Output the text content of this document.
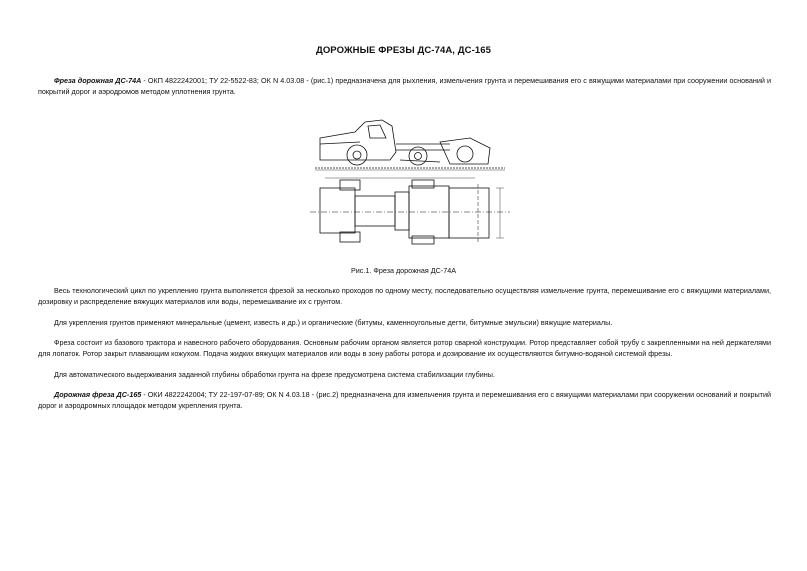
ДОРОЖНЫЕ ФРЕЗЫ ДС-74А, ДС-165
Фреза дорожная ДС-74А - ОКП 4822242001; ТУ 22-5522-83; ОК N 4.03.08 - (рис.1) предназначена для рыхления, измельчения грунта и перемешивания его с вяжущими материалами при сооружении оснований и покрытий дорог и аэродромов методом уплотнения грунта.
Рис.1. Фреза дорожная ДС-74А
Весь технологический цикл по укреплению грунта выполняется фрезой за несколько проходов по одному месту, последовательно осуществляя измельчение грунта, перемешивание его с вяжущими материалами, дозировку и распределение вяжущих материалов или воды, перемешивание их с грунтом.
Для укрепления грунтов применяют минеральные (цемент, известь и др.) и органические (битумы, каменноугольные дегти, битумные эмульсии) вяжущие материалы.
Фреза состоит из базового трактора и навесного рабочего оборудования. Основным рабочим органом является ротор сварной конструкции. Ротор представляет собой трубу с закрепленными на ней держателями для лопаток. Ротор закрыт плавающим кожухом. Подача жидких вяжущих материалов или воды в зону работы ротора и дозирование их осуществляются битумно-водяной системой фрезы.
Для автоматического выдерживания заданной глубины обработки грунта на фрезе предусмотрена система стабилизации глубины.
Дорожная фреза ДС-165 - ОКИ 4822242004; ТУ 22-197-07-89; ОК N 4.03.18 - (рис.2) предназначена для измельчения грунта и перемешивания его с вяжущими материалами при сооружении оснований и покрытий дорог и аэродромных площадок методом укрепления грунта.
